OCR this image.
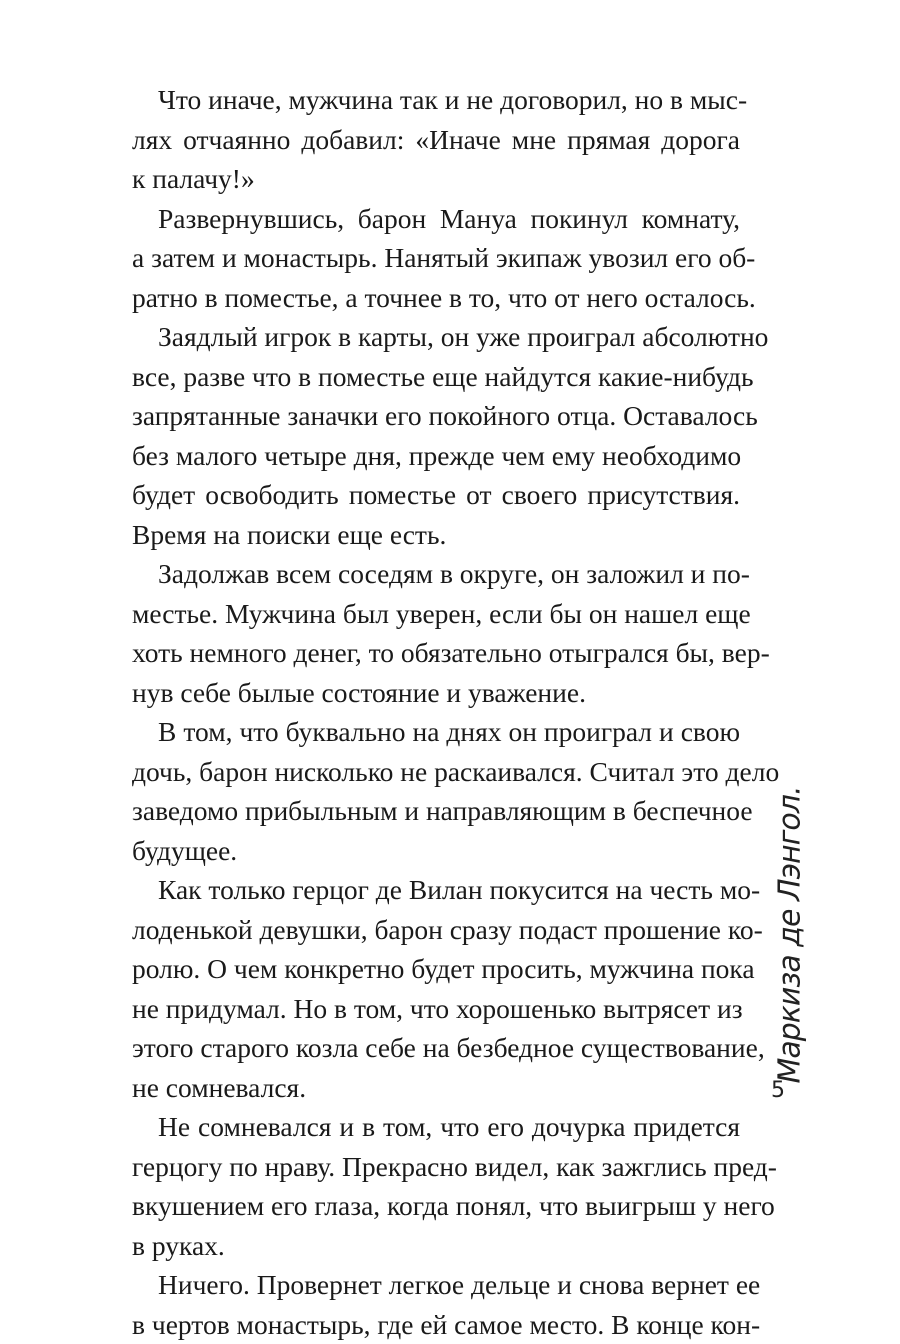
Что иначе, мужчина так и не договорил, но в мыс-
лях отчаянно добавил: «Иначе мне прямая дорога
к палачу!»
Развернувшись, барон Мануа покинул комнату,
а затем и монастырь. Нанятый экипаж увозил его об-
ратно в поместье, а точнее в то, что от него осталось.
Заядлый игрок в карты, он уже проиграл абсолютно
все, разве что в поместье еще найдутся какие-нибудь
запрятанные заначки его покойного отца. Оставалось
без малого четыре дня, прежде чем ему необходимо
будет освободить поместье от своего присутствия.
Время на поиски еще есть.
Задолжав всем соседям в округе, он заложил и по-
местье. Мужчина был уверен, если бы он нашел еще
хоть немного денег, то обязательно отыгрался бы, вер-
нув себе былые состояние и уважение.
В том, что буквально на днях он проиграл и свою
дочь, барон нисколько не раскаивался. Считал это дело
заведомо прибыльным и направляющим в беспечное
будущее.
Как только герцог де Вилан покусится на честь мо-
лоденькой девушки, барон сразу подаст прошение ко-
ролю. О чем конкретно будет просить, мужчина пока
не придумал. Но в том, что хорошенько вытрясет из
этого старого козла себе на безбедное существование,
не сомневался.
Не сомневался и в том, что его дочурка придется
герцогу по нраву. Прекрасно видел, как зажглись пред-
вкушением его глаза, когда понял, что выигрыш у него
в руках.
Ничего. Провернет легкое дельце и снова вернет ее
в чертов монастырь, где ей самое место. В конце кон-
Маркиза де Лэнгол.
5
